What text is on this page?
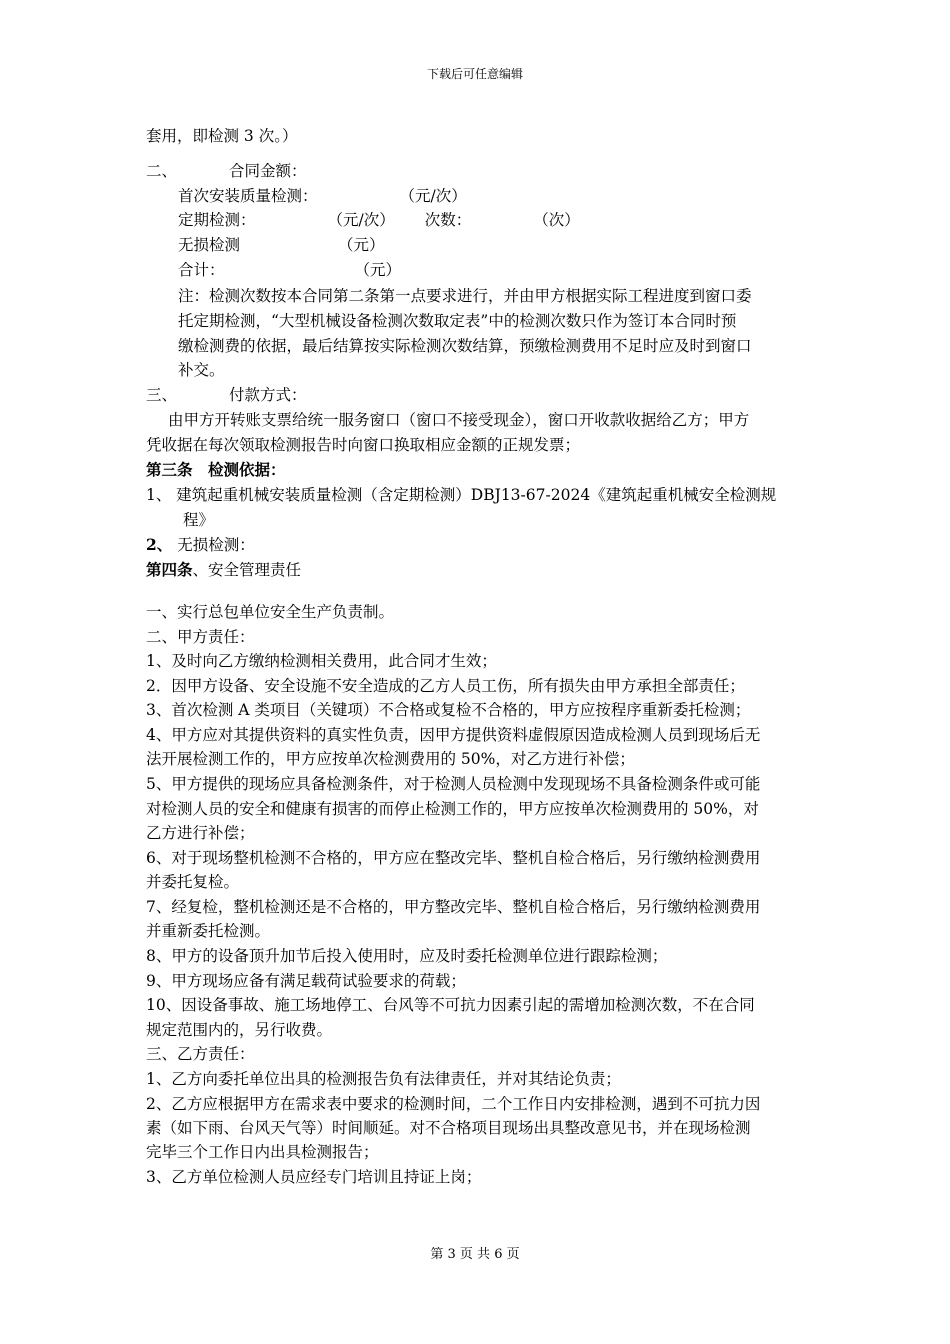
下载后可任意编辑
套用，即检测 3 次。）
二、	合同金额：
首次安装质量检测：	（元/次）
定期检测：	（元/次） 次数：	（次）
无损检测	（元）
合计：	（元）
注：检测次数按本合同第二条第一点要求进行，并由甲方根据实际工程进度到窗口委
托定期检测，“大型机械设备检测次数取定表”中的检测次数只作为签订本合同时预
缴检测费的依据，最后结算按实际检测次数结算，预缴检测费用不足时应及时到窗口
补交。
三、	付款方式：
由甲方开转账支票给统一服务窗口（窗口不接受现金），窗口开收款收据给乙方；甲方
凭收据在每次领取检测报告时向窗口换取相应金额的正规发票；
第三条　检测依据：
1、 建筑起重机械安装质量检测（含定期检测）DBJ13-67-2024《建筑起重机械安全检测规
程》
2、 无损检测：
第四条、安全管理责任
一、实行总包单位安全生产负责制。
二、甲方责任：
1、及时向乙方缴纳检测相关费用，此合同才生效；
2．因甲方设备、安全设施不安全造成的乙方人员工伤，所有损失由甲方承担全部责任；
3、首次检测 A 类项目（关键项）不合格或复检不合格的，甲方应按程序重新委托检测；
4、甲方应对其提供资料的真实性负责，因甲方提供资料虚假原因造成检测人员到现场后无
法开展检测工作的，甲方应按单次检测费用的 50%，对乙方进行补偿；
5、甲方提供的现场应具备检测条件，对于检测人员检测中发现现场不具备检测条件或可能
对检测人员的安全和健康有损害的而停止检测工作的，甲方应按单次检测费用的 50%，对
乙方进行补偿；
6、对于现场整机检测不合格的，甲方应在整改完毕、整机自检合格后，另行缴纳检测费用
并委托复检。
7、经复检，整机检测还是不合格的，甲方整改完毕、整机自检合格后，另行缴纳检测费用
并重新委托检测。
8、甲方的设备顶升加节后投入使用时，应及时委托检测单位进行跟踪检测；
9、甲方现场应备有满足载荷试验要求的荷载；
10、因设备事故、施工场地停工、台风等不可抗力因素引起的需增加检测次数，不在合同
规定范围内的，另行收费。
三、乙方责任：
1、乙方向委托单位出具的检测报告负有法律责任，并对其结论负责；
2、乙方应根据甲方在需求表中要求的检测时间，二个工作日内安排检测，遇到不可抗力因
素（如下雨、台风天气等）时间顺延。对不合格项目现场出具整改意见书，并在现场检测
完毕三个工作日内出具检测报告；
3、乙方单位检测人员应经专门培训且持证上岗；
第 3 页 共 6 页
